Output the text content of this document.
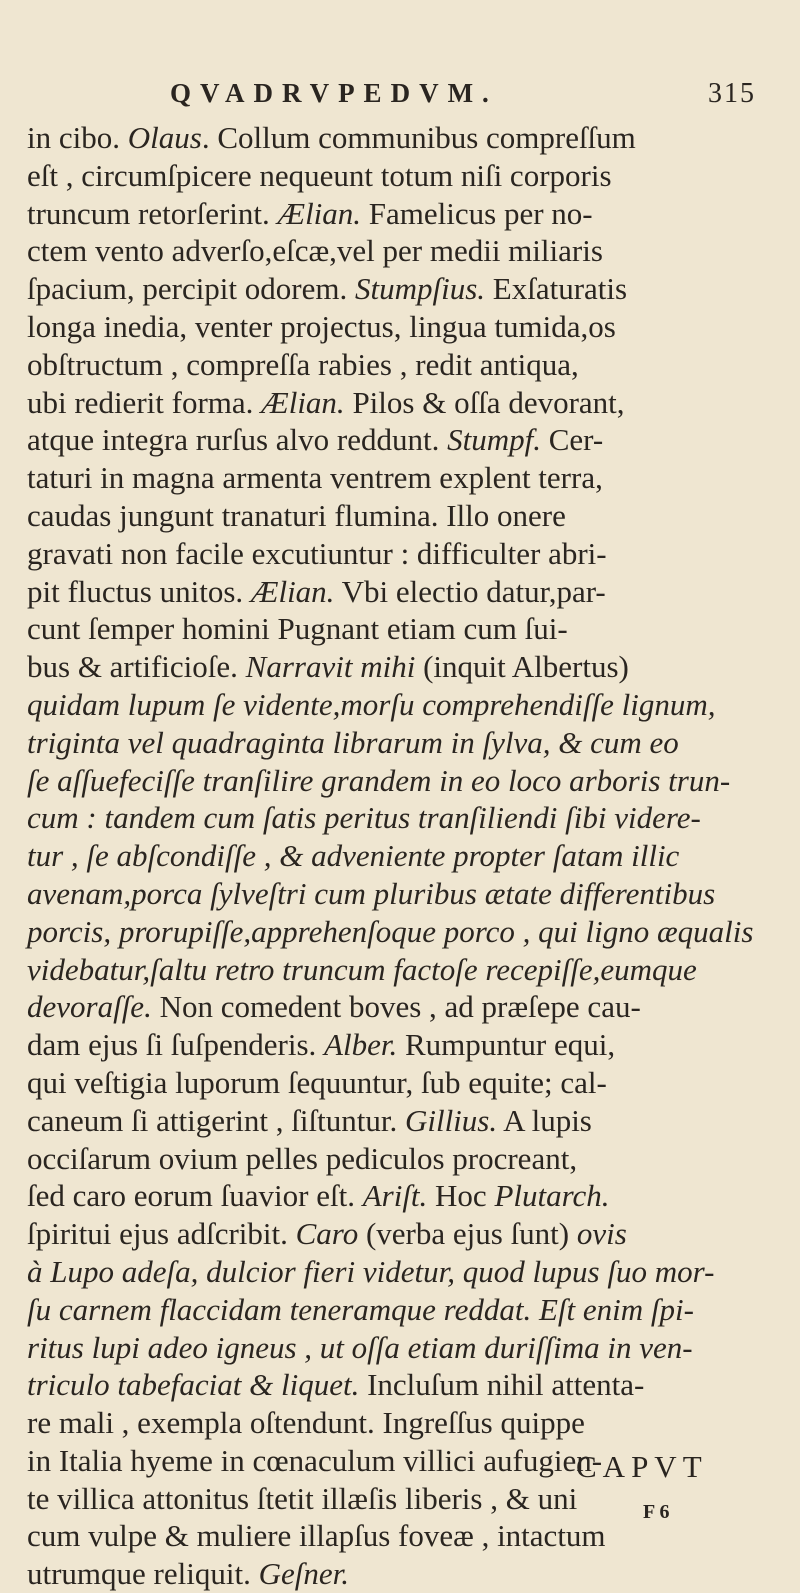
QVADRVPEDVM.	315
in cibo. Olaus. Collum communibus compreſſum
eſt , circumſpicere nequeunt totum niſi corporis
truncum retorſerint. Ælian. Famelicus per no-
ctem vento adverſo,eſcæ,vel per medii miliaris
ſpacium, percipit odorem. Stumpſius. Exſaturatis
longa inedia, venter projectus, lingua tumida,os
obſtructum , compreſſa rabies , redit antiqua,
ubi redierit forma. Ælian. Pilos & oſſa devorant,
atque integra rurſus alvo reddunt. Stumpf. Cer-
taturi in magna armenta ventrem explent terra,
caudas jungunt tranaturi flumina. Illo onere
gravati non facile excutiuntur : difficulter abri-
pit fluctus unitos. Ælian. Vbi electio datur,par-
cunt ſemper homini Pugnant etiam cum ſui-
bus & artificioſe. Narravit mihi (inquit Albertus)
quidam lupum ſe vidente,morſu comprehendiſſe lignum,
triginta vel quadraginta librarum in ſylva, & cum eo
ſe aſſuefeciſſe tranſilire grandem in eo loco arboris trun-
cum : tandem cum ſatis peritus tranſiliendi ſibi videre-
tur , ſe abſcondiſſe , & adveniente propter ſatam illic
avenam,porca ſylveſtri cum pluribus ætate differentibus
porcis, prorupiſſe,apprehenſoque porco , qui ligno æqualis
videbatur,ſaltu retro truncum factoſe recepiſſe,eumque
devoraſſe. Non comedent boves , ad præſepe cau-
dam ejus ſi ſuſpenderis. Alber. Rumpuntur equi,
qui veſtigia luporum ſequuntur, ſub equite; cal-
caneum ſi attigerint , ſiſtuntur. Gillius. A lupis
occiſarum ovium pelles pediculos procreant,
ſed caro eorum ſuavior eſt. Ariſt. Hoc Plutarch.
ſpiritui ejus adſcribit. Caro (verba ejus ſunt) ovis
à Lupo adeſa, dulcior fieri videtur, quod lupus ſuo mor-
ſu carnem flaccidam teneramque reddat. Eſt enim ſpi-
ritus lupi adeo igneus , ut oſſa etiam duriſſima in ven-
triculo tabefaciat & liquet. Incluſum nihil attenta-
re mali , exempla oſtendunt. Ingreſſus quippe
in Italia hyeme in cœnaculum villici aufugien-
te villica attonitus ſtetit illæſis liberis , & uni
cum vulpe & muliere illapſus foveæ , intactum
utrumque reliquit. Geſner.
CAPVT
F 6
